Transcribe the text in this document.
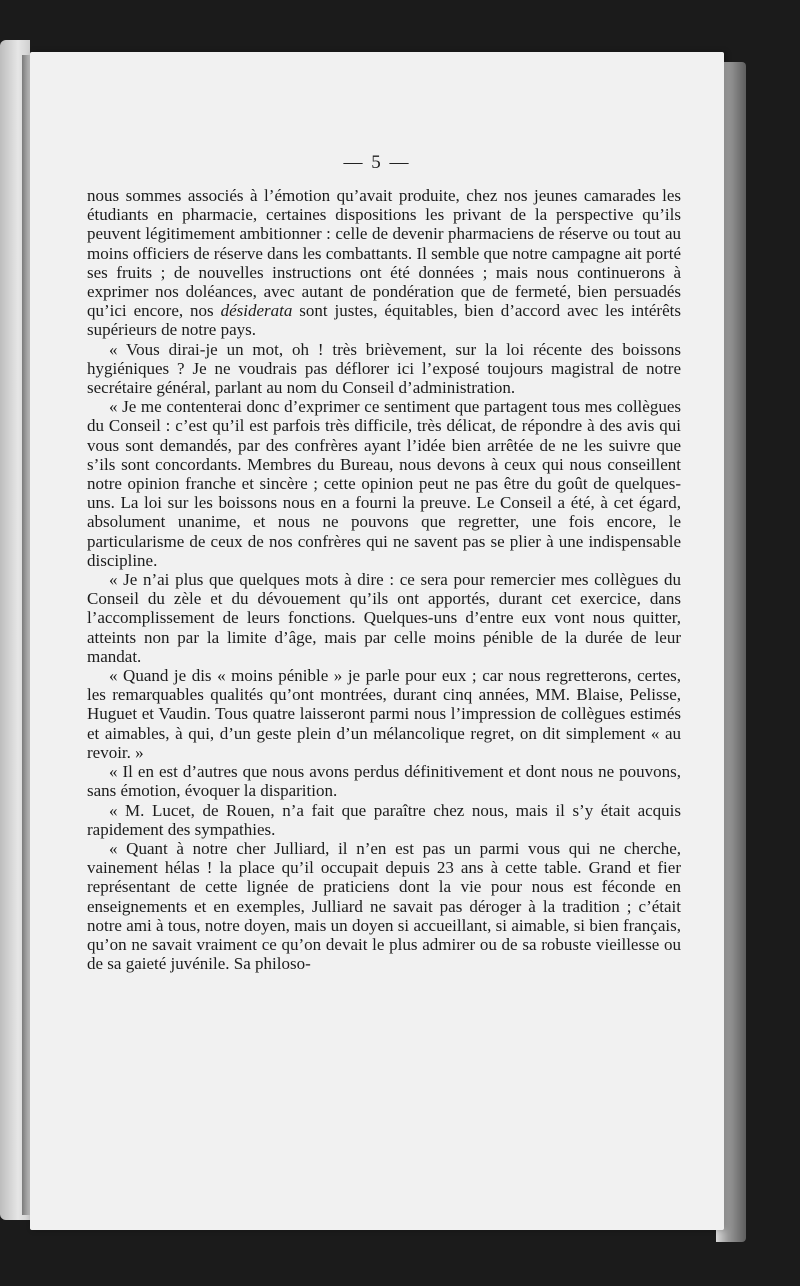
— 5 —

nous sommes associés à l’émotion qu’avait produite, chez nos jeunes camarades les étudiants en pharmacie, certaines dispositions les privant de la perspective qu’ils peuvent légitimement ambitionner : celle de devenir pharmaciens de réserve ou tout au moins officiers de réserve dans les combattants. Il semble que notre campagne ait porté ses fruits ; de nouvelles instructions ont été données ; mais nous continuerons à exprimer nos doléances, avec autant de pondération que de fermeté, bien persuadés qu’ici encore, nos désiderata sont justes, équitables, bien d’accord avec les intérêts supérieurs de notre pays.

« Vous dirai-je un mot, oh ! très brièvement, sur la loi récente des boissons hygiéniques ? Je ne voudrais pas déflorer ici l’exposé toujours magistral de notre secrétaire général, parlant au nom du Conseil d’administration.

« Je me contenterai donc d’exprimer ce sentiment que partagent tous mes collègues du Conseil : c’est qu’il est parfois très difficile, très délicat, de répondre à des avis qui vous sont demandés, par des confrères ayant l’idée bien arrêtée de ne les suivre que s’ils sont concordants. Membres du Bureau, nous devons à ceux qui nous conseillent notre opinion franche et sincère ; cette opinion peut ne pas être du goût de quelques-uns. La loi sur les boissons nous en a fourni la preuve. Le Conseil a été, à cet égard, absolument unanime, et nous ne pouvons que regretter, une fois encore, le particularisme de ceux de nos confrères qui ne savent pas se plier à une indispensable discipline.

« Je n’ai plus que quelques mots à dire : ce sera pour remercier mes collègues du Conseil du zèle et du dévouement qu’ils ont apportés, durant cet exercice, dans l’accomplissement de leurs fonctions. Quelques-uns d’entre eux vont nous quitter, atteints non par la limite d’âge, mais par celle moins pénible de la durée de leur mandat.

« Quand je dis « moins pénible » je parle pour eux ; car nous regretterons, certes, les remarquables qualités qu’ont montrées, durant cinq années, MM. Blaise, Pelisse, Huguet et Vaudin. Tous quatre laisseront parmi nous l’impression de collègues estimés et aimables, à qui, d’un geste plein d’un mélancolique regret, on dit simplement « au revoir. »

« Il en est d’autres que nous avons perdus définitivement et dont nous ne pouvons, sans émotion, évoquer la disparition.

« M. Lucet, de Rouen, n’a fait que paraître chez nous, mais il s’y était acquis rapidement des sympathies.

« Quant à notre cher Julliard, il n’en est pas un parmi vous qui ne cherche, vainement hélas ! la place qu’il occupait depuis 23 ans à cette table. Grand et fier représentant de cette lignée de praticiens dont la vie pour nous est féconde en enseignements et en exemples, Julliard ne savait pas déroger à la tradition ; c’était notre ami à tous, notre doyen, mais un doyen si accueillant, si aimable, si bien français, qu’on ne savait vraiment ce qu’on devait le plus admirer ou de sa robuste vieillesse ou de sa gaieté juvénile. Sa philoso-
